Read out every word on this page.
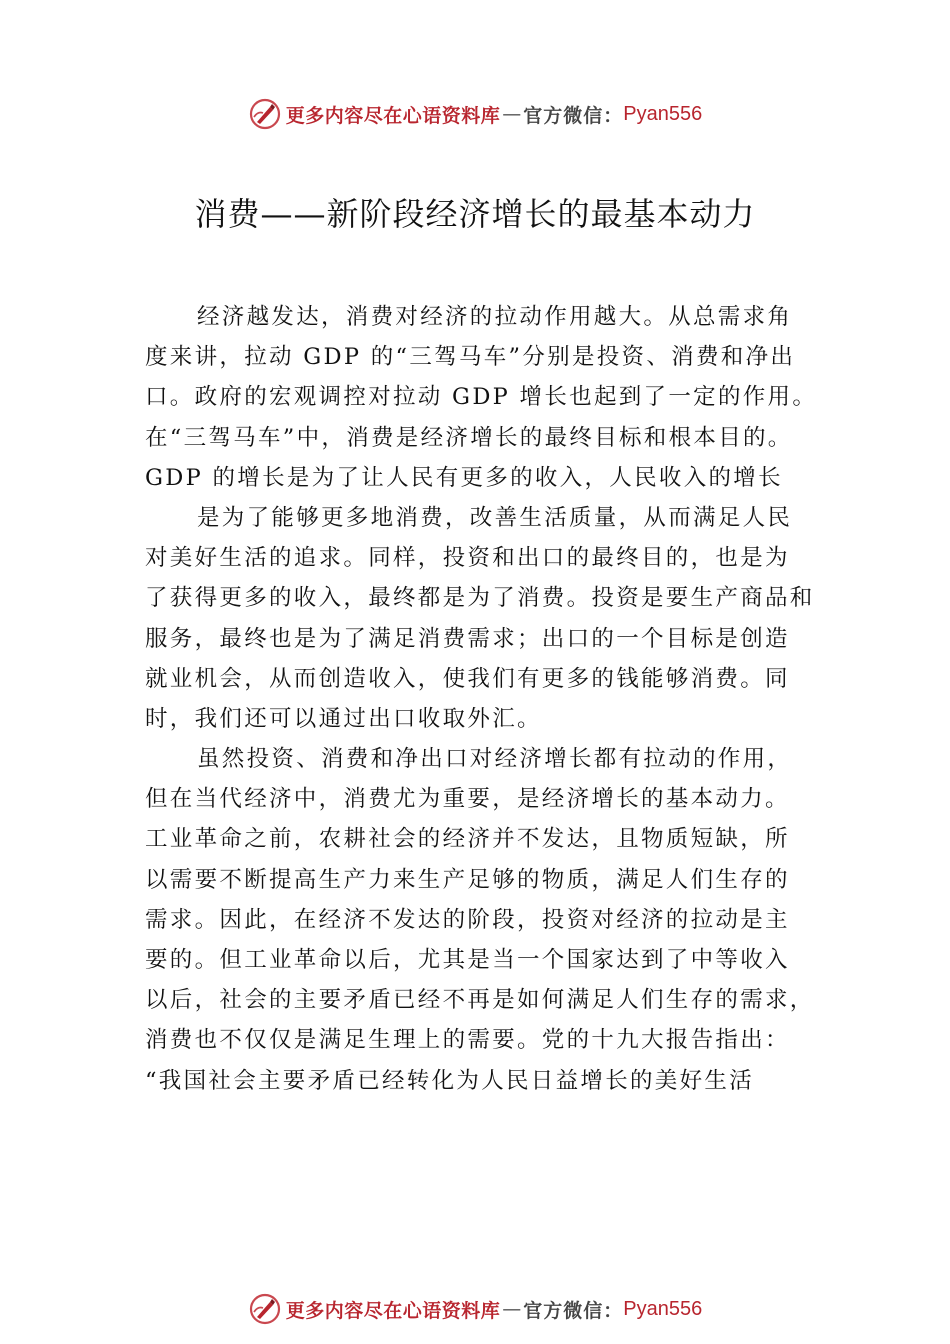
更多内容尽在心语资料库 — 官方微信： Pyan556
消费——新阶段经济增长的最基本动力
经济越发达，消费对经济的拉动作用越大。从总需求角
度来讲，拉动 GDP 的“三驾马车”分别是投资、消费和净出
口。政府的宏观调控对拉动 GDP 增长也起到了一定的作用。
在“三驾马车”中，消费是经济增长的最终目标和根本目的。
GDP 的增长是为了让人民有更多的收入，人民收入的增长
是为了能够更多地消费，改善生活质量，从而满足人民
对美好生活的追求。同样，投资和出口的最终目的，也是为
了获得更多的收入，最终都是为了消费。投资是要生产商品和
服务，最终也是为了满足消费需求；出口的一个目标是创造
就业机会，从而创造收入，使我们有更多的钱能够消费。同
时，我们还可以通过出口收取外汇。
虽然投资、消费和净出口对经济增长都有拉动的作用，
但在当代经济中，消费尤为重要，是经济增长的基本动力。
工业革命之前，农耕社会的经济并不发达，且物质短缺，所
以需要不断提高生产力来生产足够的物质，满足人们生存的
需求。因此，在经济不发达的阶段，投资对经济的拉动是主
要的。但工业革命以后，尤其是当一个国家达到了中等收入
以后，社会的主要矛盾已经不再是如何满足人们生存的需求，
消费也不仅仅是满足生理上的需要。党的十九大报告指出：
“我国社会主要矛盾已经转化为人民日益增长的美好生活
更多内容尽在心语资料库 — 官方微信： Pyan556
